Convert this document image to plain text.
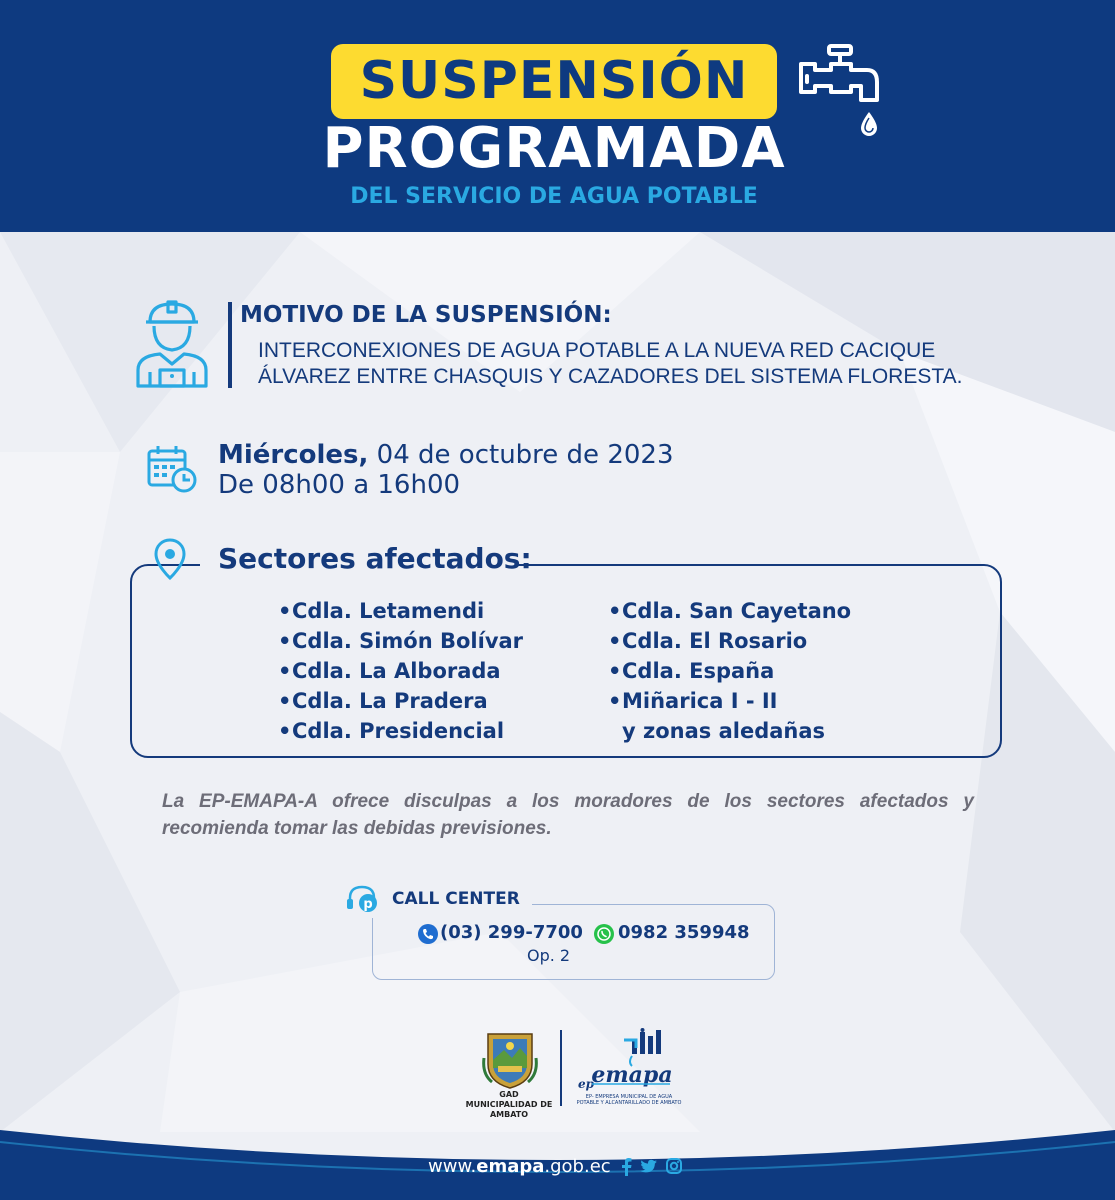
SUSPENSIÓN
PROGRAMADA
DEL SERVICIO DE AGUA POTABLE
MOTIVO DE LA SUSPENSIÓN:
INTERCONEXIONES DE AGUA POTABLE A LA NUEVA RED CACIQUE
ÁLVAREZ ENTRE CHASQUIS Y CAZADORES DEL SISTEMA FLORESTA.
Miércoles, 04 de octubre de 2023
De 08h00 a 16h00
Sectores afectados:
•Cdla. Letamendi
•Cdla. Simón Bolívar
•Cdla. La Alborada
•Cdla. La Pradera
•Cdla. Presidencial
•Cdla. San Cayetano
•Cdla. El Rosario
•Cdla. España
•Miñarica I - II
y zonas aledañas
La EP-EMAPA-A ofrece disculpas a los moradores de los sectores afectados y recomienda tomar las debidas previsiones.
p CALL CENTER
(03) 299-7700
Op. 2
0982 359948
GAD MUNICIPALIDAD DE AMBATO
emapa
ep
EP- EMPRESA MUNICIPAL DE AGUA POTABLE Y ALCANTARILLADO DE AMBATO
www.emapa.gob.ec
